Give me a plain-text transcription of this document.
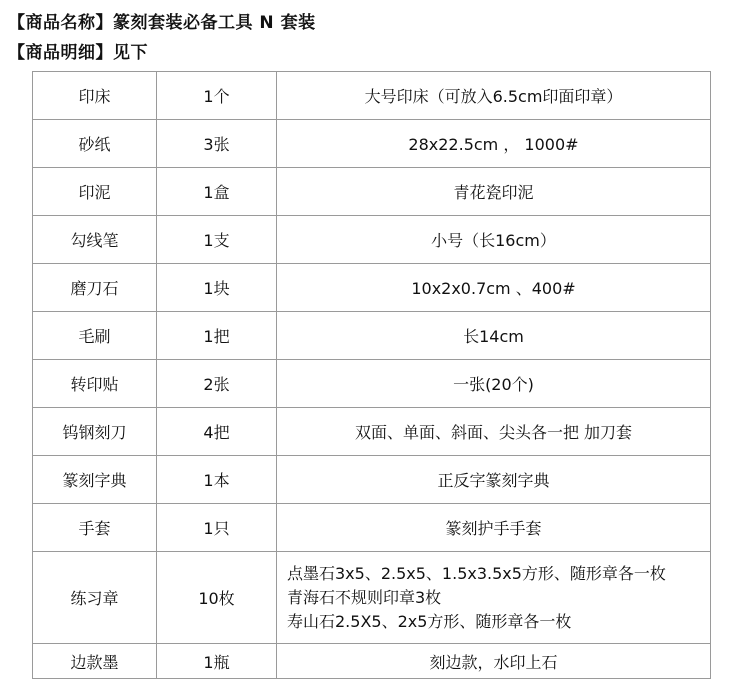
【商品名称】篆刻套装必备工具 N 套装
【商品明细】见下
印床	1个	大号印床（可放入6.5cm印面印章）
砂纸	3张	28x22.5cm ， 1000#
印泥	1盒	青花瓷印泥
勾线笔	1支	小号（长16cm）
磨刀石	1块	10x2x0.7cm 、400#
毛刷	1把	长14cm
转印贴	2张	一张(20个)
钨钢刻刀	4把	双面、单面、斜面、尖头各一把 加刀套
篆刻字典	1本	正反字篆刻字典
手套	1只	篆刻护手手套
练习章	10枚	点墨石3x5、2.5x5、1.5x3.5x5方形、随形章各一枚
青海石不规则印章3枚
寿山石2.5X5、2x5方形、随形章各一枚

边款墨	1瓶	刻边款，水印上石
